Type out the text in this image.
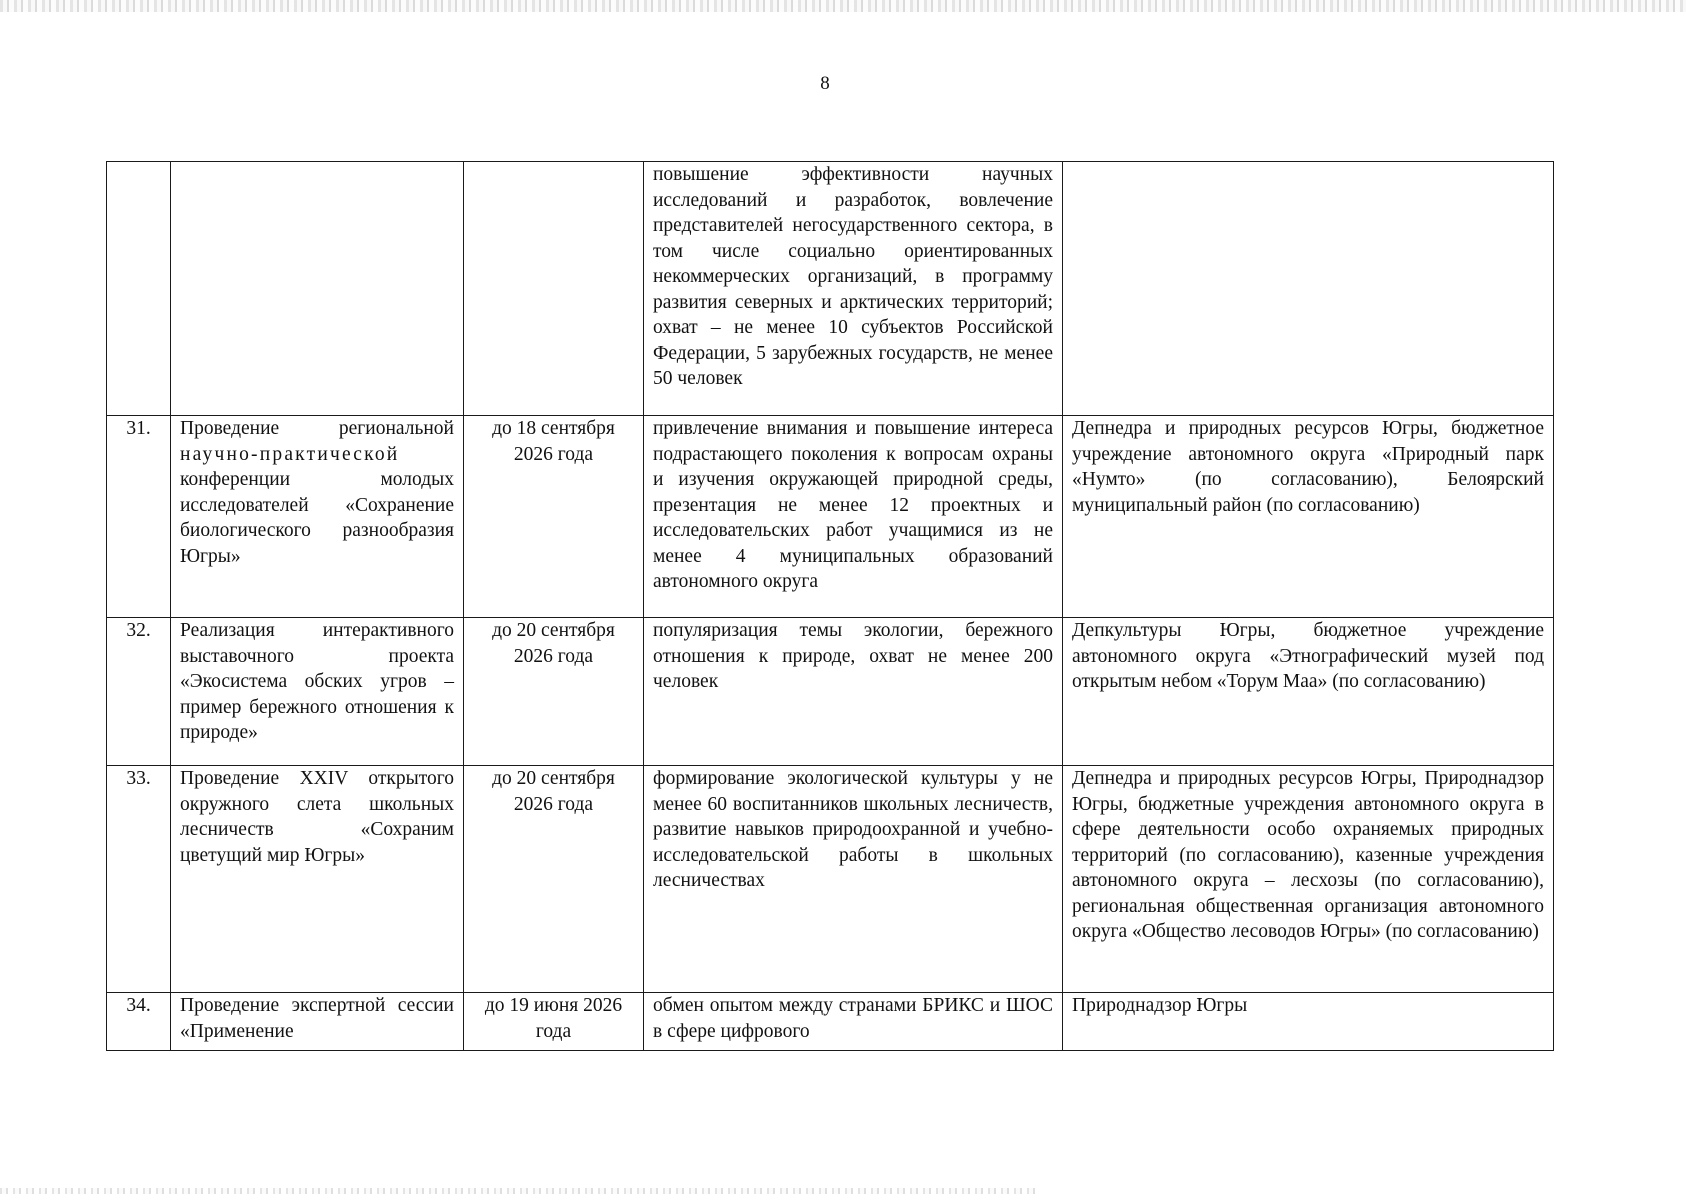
8
			повышение эффективности научных исследований и разработок, вовлечение представителей негосударственного сектора, в том числе социально ориентированных некоммерческих организаций, в программу развития северных и арктических территорий; охват – не менее 10 субъектов Российской Федерации, 5 зарубежных государств, не менее 50 человек	
31.	Проведение региональной научно-практической конференции молодых исследователей «Сохранение биологического разнообразия Югры»	до 18 сентября 2026 года	привлечение внимания и повышение интереса подрастающего поколения к вопросам охраны и изучения окружающей природной среды, презентация не менее 12 проектных и исследовательских работ учащимися из не менее 4 муниципальных образований автономного округа	Депнедра и природных ресурсов Югры, бюджетное учреждение автономного округа «Природный парк «Нумто» (по согласованию), Белоярский муниципальный район (по согласованию)
32.	Реализация интерактивного выставочного проекта «Экосистема обских угров – пример бережного отношения к природе»	до 20 сентября 2026 года	популяризация темы экологии, бережного отношения к природе, охват не менее 200 человек	Депкультуры Югры, бюджетное учреждение автономного округа «Этнографический музей под открытым небом «Торум Маа» (по согласованию)
33.	Проведение XXIV открытого окружного слета школьных лесничеств «Сохраним цветущий мир Югры»	до 20 сентября 2026 года	формирование экологической культуры у не менее 60 воспитанников школьных лесничеств, развитие навыков природоохранной и учебно-исследовательской работы в школьных лесничествах	Депнедра и природных ресурсов Югры, Природнадзор Югры, бюджетные учреждения автономного округа в сфере деятельности особо охраняемых природных территорий (по согласованию), казенные учреждения автономного округа – лесхозы (по согласованию), региональная общественная организация автономного округа «Общество лесоводов Югры» (по согласованию)
34.	Проведение экспертной сессии «Применение	до 19 июня 2026 года	обмен опытом между странами БРИКС и ШОС в сфере цифрового	Природнадзор Югры
